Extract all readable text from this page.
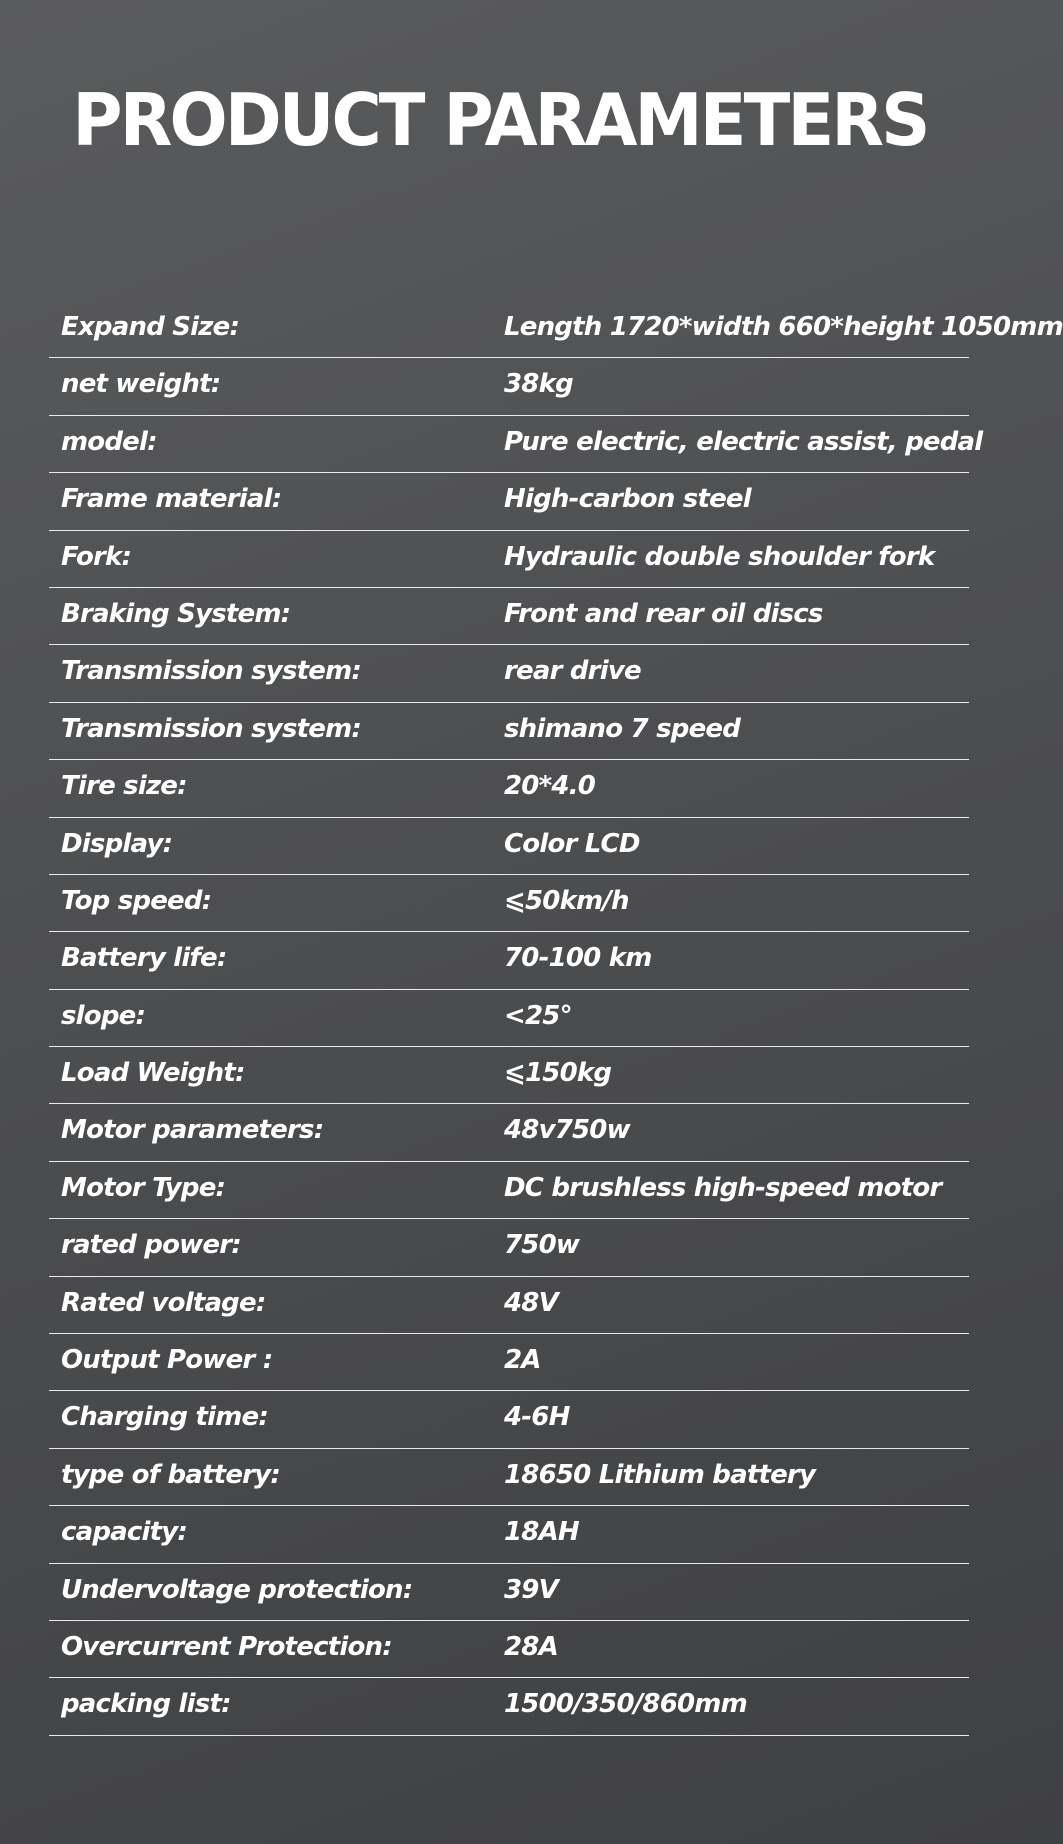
PRODUCT PARAMETERS
Expand Size:	Length 1720*width 660*height 1050mm
net weight:	38kg
model:	Pure electric, electric assist, pedal
Frame material:	High-carbon steel
Fork:	Hydraulic double shoulder fork
Braking System:	Front and rear oil discs
Transmission system:	rear drive
Transmission system:	shimano 7 speed
Tire size:	20*4.0
Display:	Color LCD
Top speed:	⩽50km/h
Battery life:	70-100 km
slope:	<25°
Load Weight:	⩽150kg
Motor parameters:	48v750w
Motor Type:	DC brushless high-speed motor
rated power:	750w
Rated voltage:	48V
Output Power :	2A
Charging time:	4-6H
type of battery:	18650 Lithium battery
capacity:	18AH
Undervoltage protection:	39V
Overcurrent Protection:	28A
packing list:	1500/350/860mm
